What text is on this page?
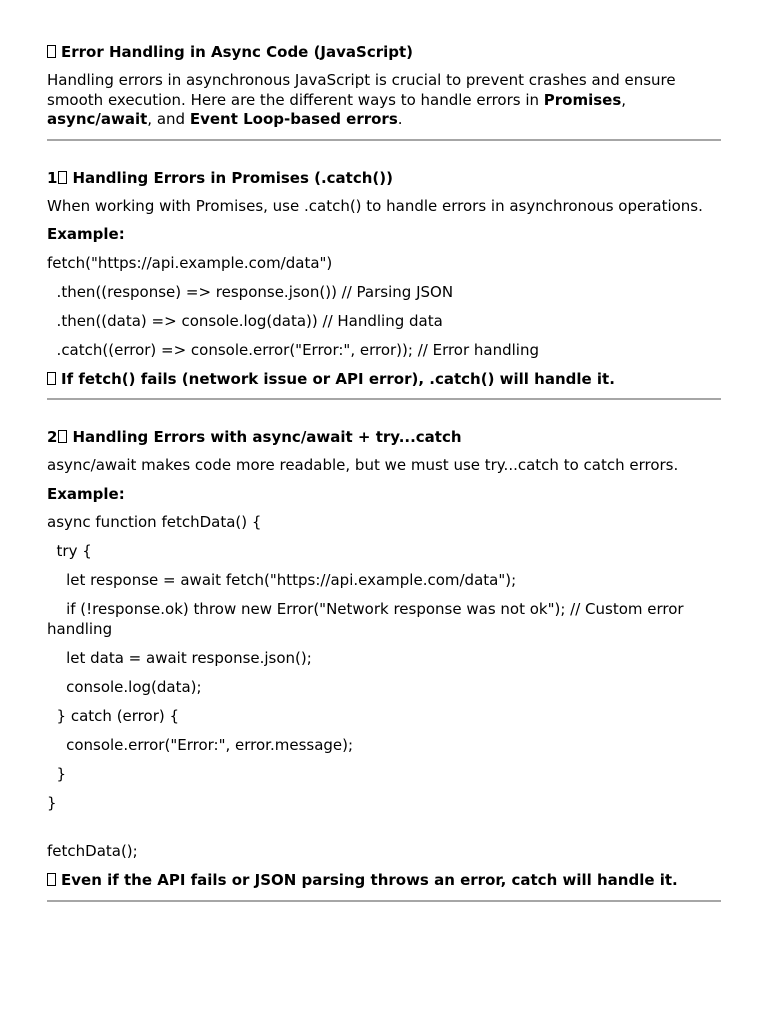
Error Handling in Async Code (JavaScript)
Handling errors in asynchronous JavaScript is crucial to prevent crashes and ensure smooth execution. Here are the different ways to handle errors in Promises, async/await, and Event Loop-based errors.
1 Handling Errors in Promises (.catch())
When working with Promises, use .catch() to handle errors in asynchronous operations.
Example:
fetch("https://api.example.com/data")
.then((response) => response.json()) // Parsing JSON
.then((data) => console.log(data)) // Handling data
.catch((error) => console.error("Error:", error)); // Error handling
If fetch() fails (network issue or API error), .catch() will handle it.
2 Handling Errors with async/await + try...catch
async/await makes code more readable, but we must use try...catch to catch errors.
Example:
async function fetchData() {
try {
let response = await fetch("https://api.example.com/data");
if (!response.ok) throw new Error("Network response was not ok"); // Custom error handling
let data = await response.json();
console.log(data);
} catch (error) {
console.error("Error:", error.message);
}
}
fetchData();
Even if the API fails or JSON parsing throws an error, catch will handle it.
